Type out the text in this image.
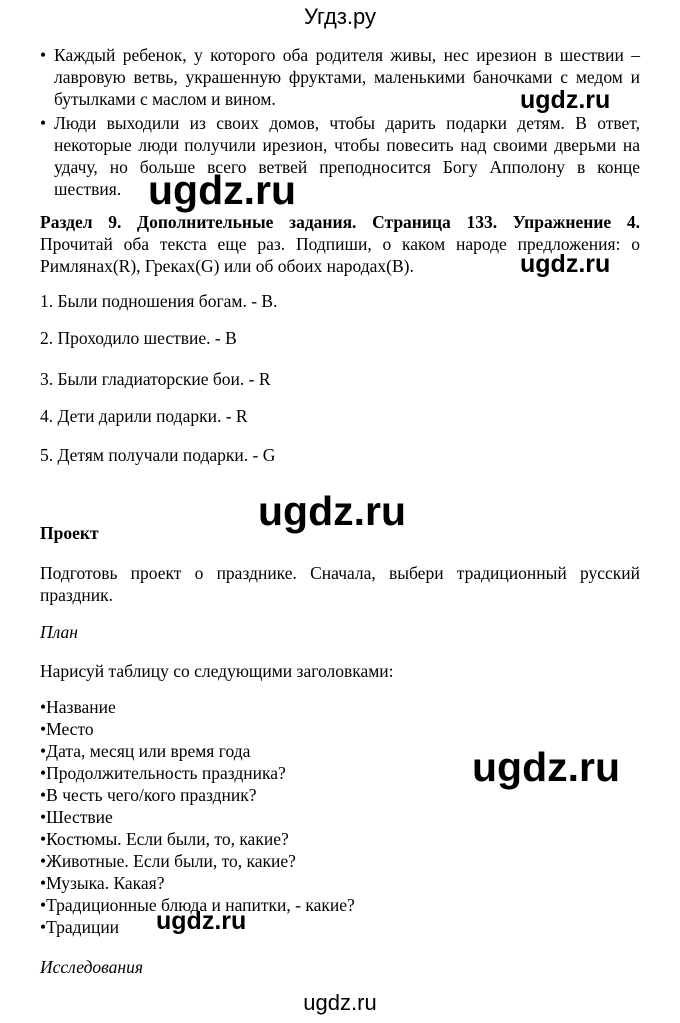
Угдз.ру
• Каждый ребенок, у которого оба родителя живы, нес ирезион в шествии – лавровую ветвь, украшенную фруктами, маленькими баночками с медом и бутылками с маслом и вином.
• Люди выходили из своих домов, чтобы дарить подарки детям. В ответ, некоторые люди получили ирезион, чтобы повесить над своими дверьми на удачу, но больше всего ветвей преподносится Богу Апполону в конце шествия.
Раздел 9. Дополнительные задания. Страница 133. Упражнение 4.
Прочитай оба текста еще раз. Подпиши, о каком народе предложения: о Римлянах(R), Греках(G) или об обоих народах(B).
1. Были подношения богам. - B.
2. Проходило шествие. - B
3. Были гладиаторские бои. - R
4. Дети дарили подарки. - R
5. Детям получали подарки. - G
Проект
Подготовь проект о празднике. Сначала, выбери традиционный русский праздник.
План
Нарисуй таблицу со следующими заголовками:
•Название
•Место
•Дата, месяц или время года
•Продолжительность праздника?
•В честь чего/кого праздник?
•Шествие
•Костюмы. Если были, то, какие?
•Животные. Если были, то, какие?
•Музыка. Какая?
•Традиционные блюда и напитки, - какие?
•Традиции
Исследования
ugdz.ru
ugdz.ru
ugdz.ru
ugdz.ru
ugdz.ru
ugdz.ru
ugdz.ru
